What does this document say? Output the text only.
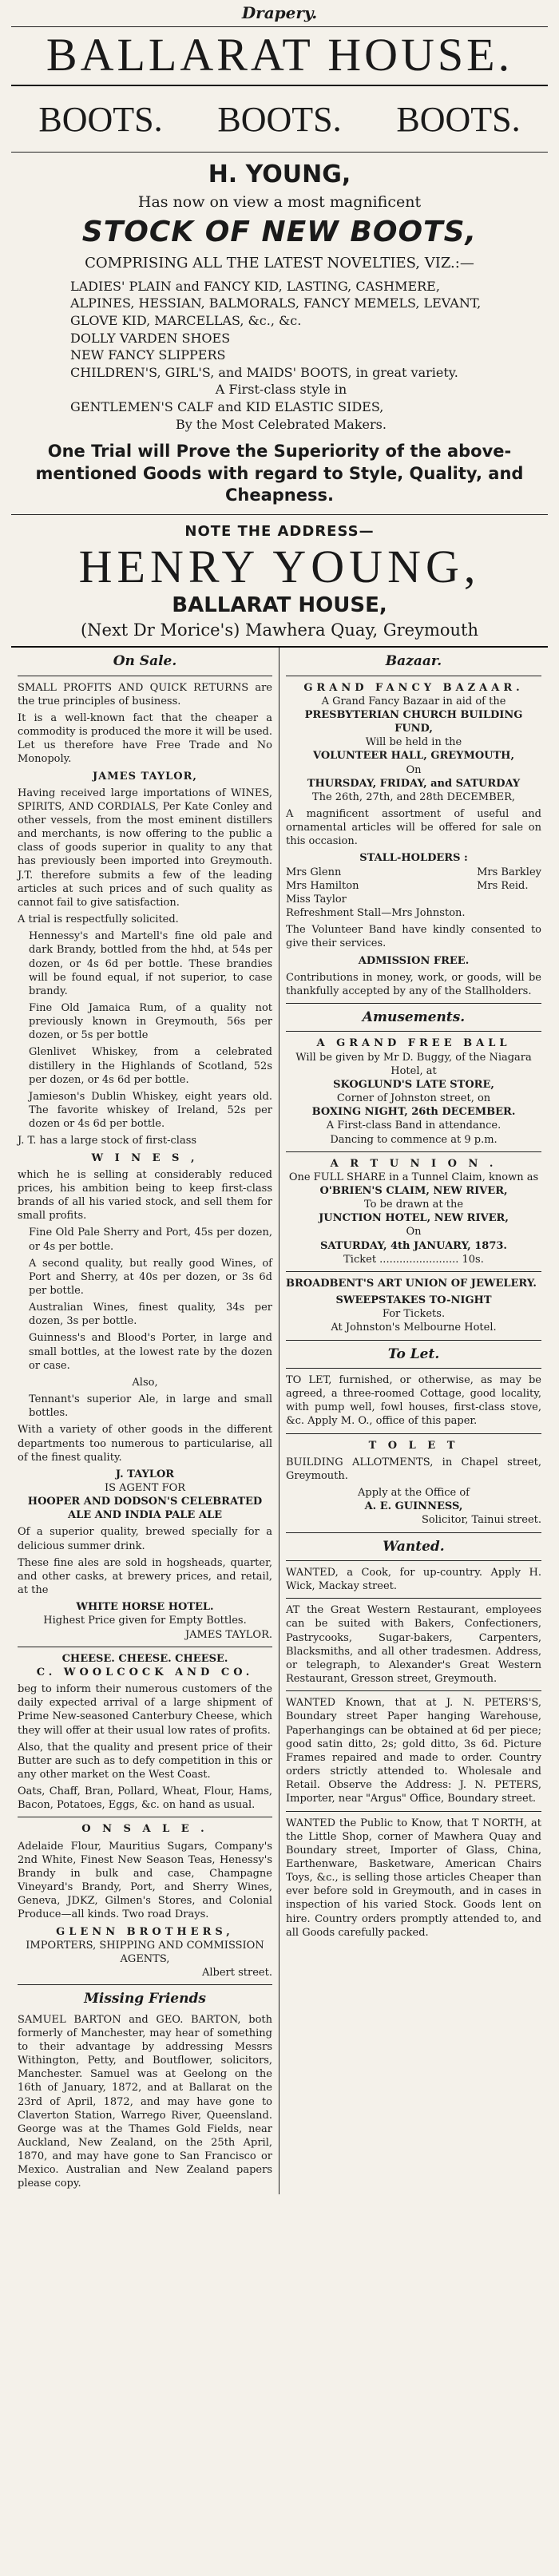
Drapery.
BALLARAT HOUSE.
BOOTS. BOOTS. BOOTS.
H. YOUNG,
Has now on view a most magnificent
STOCK OF NEW BOOTS,
COMPRISING ALL THE LATEST NOVELTIES, VIZ.:—
LADIES' PLAIN and FANCY KID, LASTING, CASHMERE, ALPINES, HESSIAN, BALMORALS, FANCY MEMELS, LEVANT, GLOVE KID, MARCELLAS, &c., &c.
DOLLY VARDEN SHOES
NEW FANCY SLIPPERS
CHILDREN'S, GIRL'S, and MAIDS' BOOTS, in great variety.
A First-class style in
GENTLEMEN'S CALF and KID ELASTIC SIDES,
By the Most Celebrated Makers.
One Trial will Prove the Superiority of the above-mentioned Goods with regard to Style, Quality, and Cheapness.
NOTE THE ADDRESS—
HENRY YOUNG,
BALLARAT HOUSE,
(Next Dr Morice's) Mawhera Quay, Greymouth
On Sale.

SMALL PROFITS AND QUICK RETURNS are the true principles of business.

It is a well-known fact that the cheaper a commodity is produced the more it will be used. Let us therefore have Free Trade and No Monopoly.

JAMES TAYLOR,

Having received large importations of WINES, SPIRITS, AND CORDIALS, Per Kate Conley and other vessels, from the most eminent distillers and merchants, is now offering to the public a class of goods superior in quality to any that has previously been imported into Greymouth. J.T. therefore submits a few of the leading articles at such prices and of such quality as cannot fail to give satisfaction.

A trial is respectfully solicited.

Hennessy's and Martell's fine old pale and dark Brandy, bottled from the hhd, at 54s per dozen, or 4s 6d per bottle. These brandies will be found equal, if not superior, to case brandy.

Fine Old Jamaica Rum, of a quality not previously known in Greymouth, 56s per dozen, or 5s per bottle

Glenlivet Whiskey, from a celebrated distillery in the Highlands of Scotland, 52s per dozen, or 4s 6d per bottle.

Jamieson's Dublin Whiskey, eight years old. The favorite whiskey of Ireland, 52s per dozen or 4s 6d per bottle.

J. T. has a large stock of first-class

W I N E S ,

which he is selling at considerably reduced prices, his ambition being to keep first-class brands of all his varied stock, and sell them for small profits.

Fine Old Pale Sherry and Port, 45s per dozen, or 4s per bottle.

A second quality, but really good Wines, of Port and Sherry, at 40s per dozen, or 3s 6d per bottle.

Australian Wines, finest quality, 34s per dozen, 3s per bottle.

Guinness's and Blood's Porter, in large and small bottles, at the lowest rate by the dozen or case.

Also,

Tennant's superior Ale, in large and small bottles.

With a variety of other goods in the different departments too numerous to particularise, all of the finest quality.

J. TAYLOR
IS AGENT FOR
HOOPER AND DODSON'S CELEBRATED ALE AND INDIA PALE ALE

Of a superior quality, brewed specially for a delicious summer drink.

These fine ales are sold in hogsheads, quarter, and other casks, at brewery prices, and retail, at the

WHITE HORSE HOTEL.
Highest Price given for Empty Bottles.
JAMES TAYLOR.
CHEESE. CHEESE. CHEESE.
C. WOOLCOCK AND CO.

beg to inform their numerous customers of the daily expected arrival of a large shipment of Prime New-seasoned Canterbury Cheese, which they will offer at their usual low rates of profits.

Also, that the quality and present price of their Butter are such as to defy competition in this or any other market on the West Coast.

Oats, Chaff, Bran, Pollard, Wheat, Flour, Hams, Bacon, Potatoes, Eggs, &c. on hand as usual.

O N S A L E .

Adelaide Flour, Mauritius Sugars, Company's 2nd White, Finest New Season Teas, Henessy's Brandy in bulk and case, Champagne Vineyard's Brandy, Port, and Sherry Wines, Geneva, JDKZ, Gilmen's Stores, and Colonial Produce—all kinds. Two road Drays.

GLENN BROTHERS,
IMPORTERS, SHIPPING AND COMMISSION AGENTS,
Albert street.
Missing Friends

SAMUEL BARTON and GEO. BARTON, both formerly of Manchester, may hear of something to their advantage by addressing Messrs Withington, Petty, and Boutflower, solicitors, Manchester. Samuel was at Geelong on the 16th of January, 1872, and at Ballarat on the 23rd of April, 1872, and may have gone to Claverton Station, Warrego River, Queensland. George was at the Thames Gold Fields, near Auckland, New Zealand, on the 25th April, 1870, and may have gone to San Francisco or Mexico. Australian and New Zealand papers please copy.

Bazaar.
GRAND FANCY BAZAAR.
A Grand Fancy Bazaar in aid of the
PRESBYTERIAN CHURCH BUILDING FUND,
Will be held in the
VOLUNTEER HALL, GREYMOUTH,
On
THURSDAY, FRIDAY, and SATURDAY
The 26th, 27th, and 28th DECEMBER,

A magnificent assortment of useful and ornamental articles will be offered for sale on this occasion.

STALL-HOLDERS :
Mrs Glenn
Mrs Hamilton
Miss Taylor
Mrs Barkley
Mrs Reid.
Refreshment Stall—Mrs Johnston.

The Volunteer Band have kindly consented to give their services.

ADMISSION FREE.

Contributions in money, work, or goods, will be thankfully accepted by any of the Stallholders.

Amusements.
A GRAND FREE BALL
Will be given by Mr D. Buggy, of the Niagara Hotel, at
SKOGLUND'S LATE STORE,
Corner of Johnston street, on
BOXING NIGHT, 26th DECEMBER.
A First-class Band in attendance.
Dancing to commence at 9 p.m.
A R T U N I O N .
One FULL SHARE in a Tunnel Claim, known as
O'BRIEN'S CLAIM, NEW RIVER,
To be drawn at the
JUNCTION HOTEL, NEW RIVER,
On
SATURDAY, 4th JANUARY, 1873.
Ticket ........................ 10s.

BROADBENT'S ART UNION OF JEWELERY.

SWEEPSTAKES TO-NIGHT
For Tickets.
At Johnston's Melbourne Hotel.
To Let.

TO LET, furnished, or otherwise, as may be agreed, a three-roomed Cottage, good locality, with pump well, fowl houses, first-class stove, &c. Apply M. O., office of this paper.

T O L E T

BUILDING ALLOTMENTS, in Chapel street, Greymouth.

Apply at the Office of
A. E. GUINNESS,
Solicitor, Tainui street.
Wanted.

WANTED, a Cook, for up-country. Apply H. Wick, Mackay street.

AT the Great Western Restaurant, employees can be suited with Bakers, Confectioners, Pastrycooks, Sugar-bakers, Carpenters, Blacksmiths, and all other tradesmen. Address, or telegraph, to Alexander's Great Western Restaurant, Gresson street, Greymouth.

WANTED Known, that at J. N. PETERS'S, Boundary street Paper hanging Warehouse, Paperhangings can be obtained at 6d per piece; good satin ditto, 2s; gold ditto, 3s 6d. Picture Frames repaired and made to order. Country orders strictly attended to. Wholesale and Retail. Observe the Address: J. N. PETERS, Importer, near "Argus" Office, Boundary street.

WANTED the Public to Know, that T NORTH, at the Little Shop, corner of Mawhera Quay and Boundary street, Importer of Glass, China, Earthenware, Basketware, American Chairs Toys, &c., is selling those articles Cheaper than ever before sold in Greymouth, and in cases in inspection of his varied Stock. Goods lent on hire. Country orders promptly attended to, and all Goods carefully packed.
